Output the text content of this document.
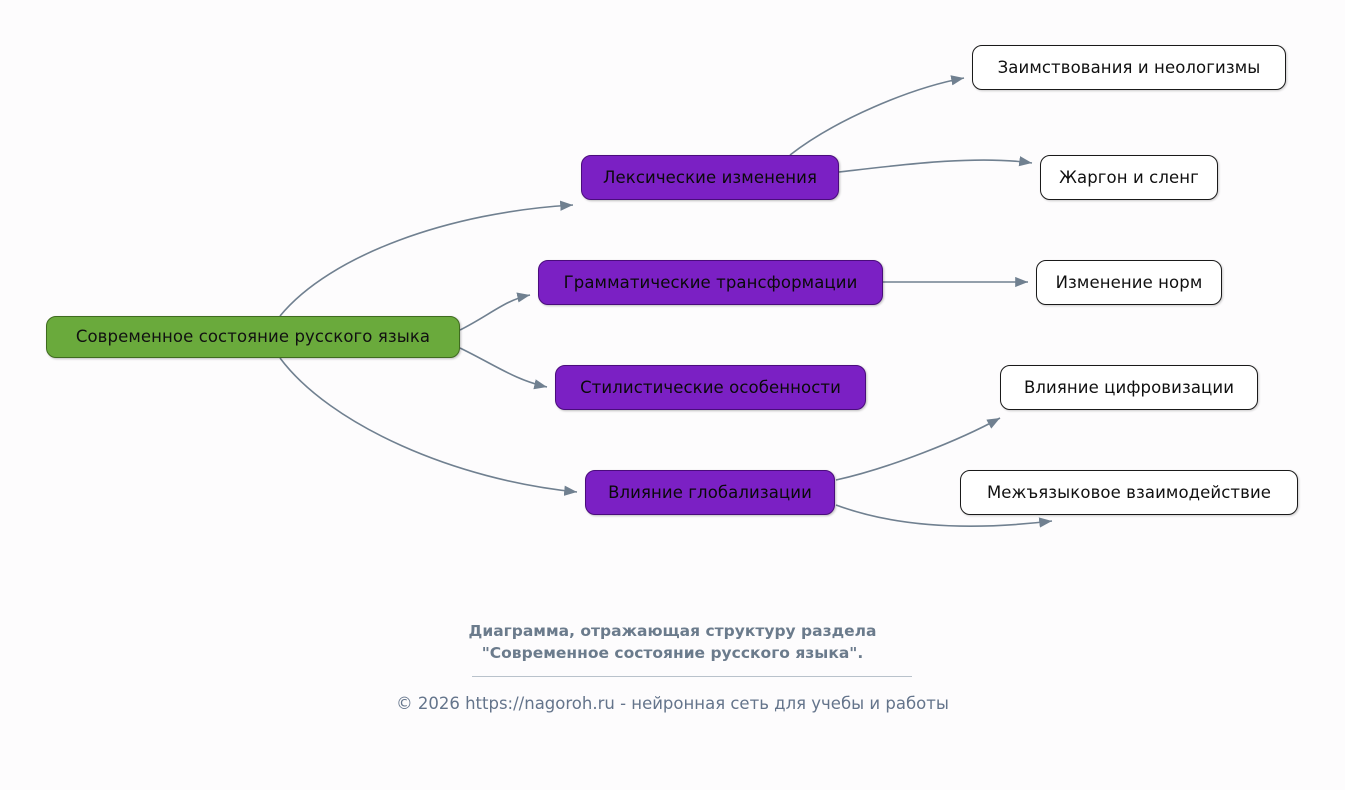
Современное состояние русского языка
Лексические изменения
Грамматические трансформации
Стилистические особенности
Влияние глобализации
Заимствования и неологизмы
Жаргон и сленг
Изменение норм
Влияние цифровизации
Межъязыковое взаимодействие
Диаграмма, отражающая структуру раздела
"Современное состояние русского языка".
© 2026 https://nagoroh.ru - нейронная сеть для учебы и работы
